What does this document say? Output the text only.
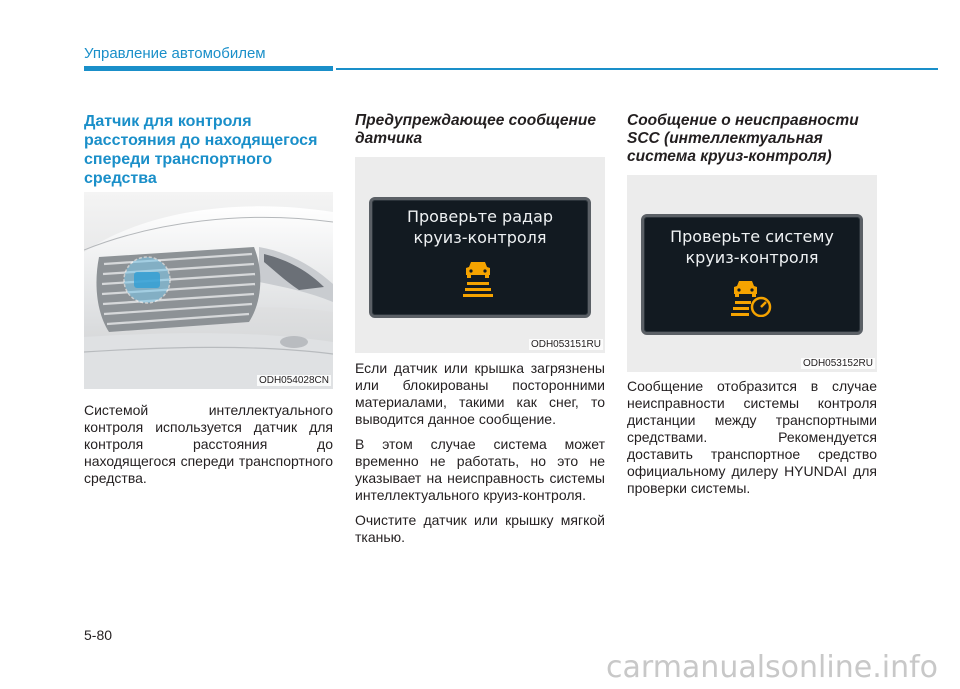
Управление автомобилем
Датчик для контроля расстояния до находящегося спереди транспортного средства
ODH054028CN

Системой интеллектуального контроля используется датчик для контроля расстояния до находящегося спереди транспортного средства.

Предупреждающее сообщение датчика
Проверьте радар
круиз-контроля
ODH053151RU

Если датчик или крышка загрязнены или блокированы посторонними материалами, такими как снег, то выводится данное сообщение.

В этом случае система может временно не работать, но это не указывает на неисправность системы интеллектуального круиз-контроля.

Очистите датчик или крышку мягкой тканью.

Сообщение о неисправности SCC (интеллектуальная система круиз-контроля)
Проверьте систему
круиз-контроля
ODH053152RU

Сообщение отобразится в случае неисправности системы контроля дистанции между транспортными средствами. Рекомендуется доставить транспортное средство официальному дилеру HYUNDAI для проверки системы.

5-80
carmanualsonline.info
